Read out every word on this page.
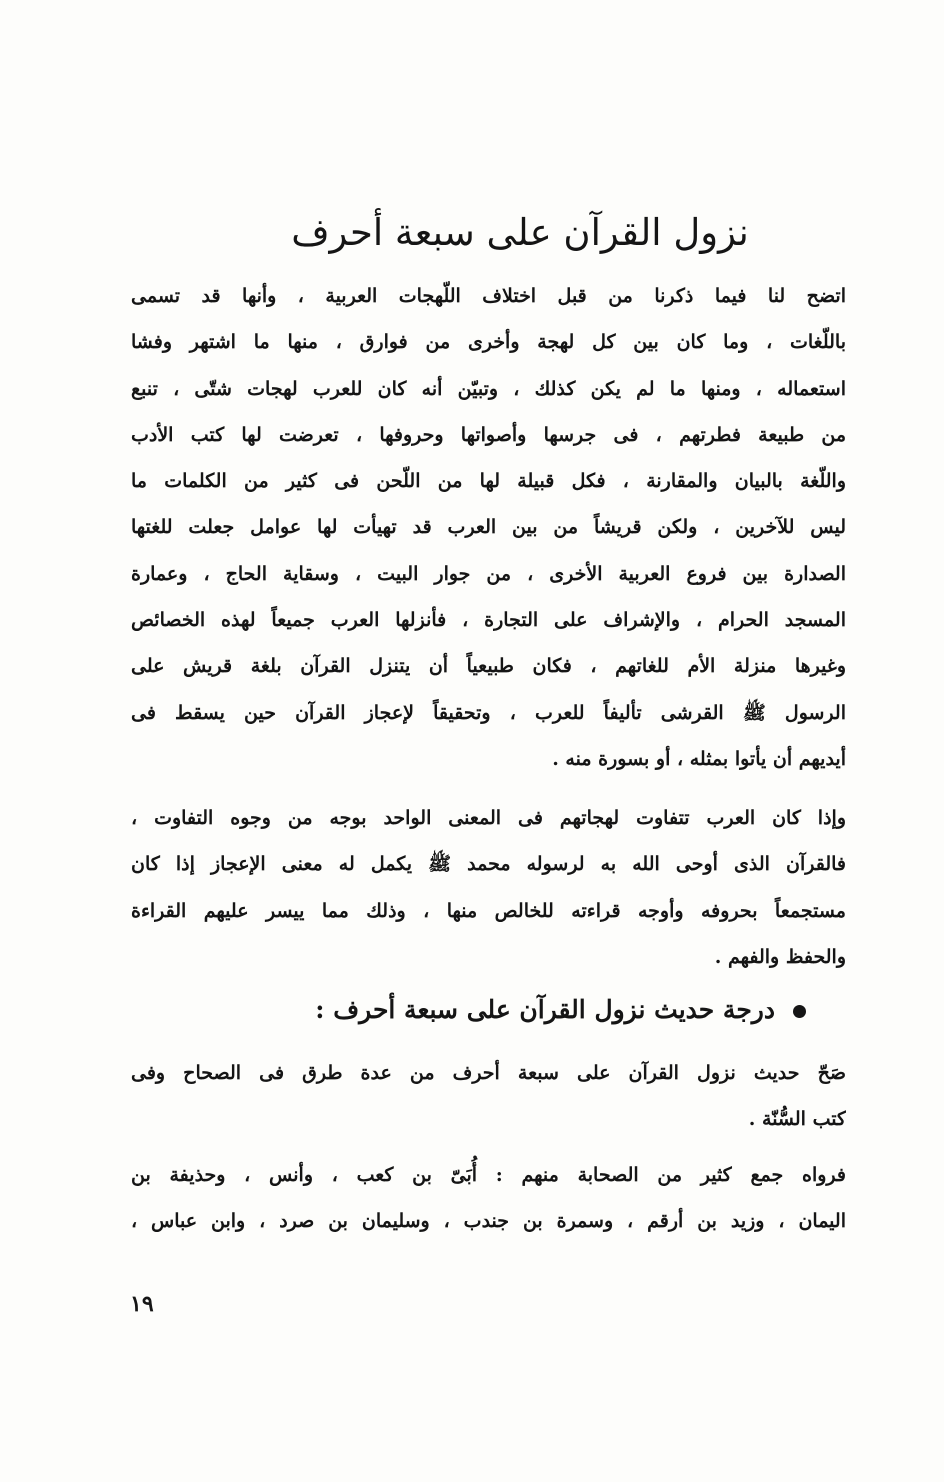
نزول القرآن على سبعة أحرف
اتضح لنا فيما ذكرنا من قبل اختلاف اللّهجات العربية ، وأنها قد تسمى
باللّغات ، وما كان بين كل لهجة وأخرى من فوارق ، منها ما اشتهر وفشا
استعماله ، ومنها ما لم يكن كذلك ، وتبيّن أنه كان للعرب لهجات شتّى ، تنبع
من طبيعة فطرتهم ، فى جرسها وأصواتها وحروفها ، تعرضت لها كتب الأدب
واللّغة بالبيان والمقارنة ، فكل قبيلة لها من اللّحن فى كثير من الكلمات ما
ليس للآخرين ، ولكن قريشاً من بين العرب قد تهيأت لها عوامل جعلت للغتها
الصدارة بين فروع العربية الأخرى ، من جوار البيت ، وسقاية الحاج ، وعمارة
المسجد الحرام ، والإشراف على التجارة ، فأنزلها العرب جميعاً لهذه الخصائص
وغيرها منزلة الأم للغاتهم ، فكان طبيعياً أن يتنزل القرآن بلغة قريش على
الرسول ﷺ القرشى تأليفاً للعرب ، وتحقيقاً لإعجاز القرآن حين يسقط فى
أيديهم أن يأتوا بمثله ، أو بسورة منه .
وإذا كان العرب تتفاوت لهجاتهم فى المعنى الواحد بوجه من وجوه التفاوت ،
فالقرآن الذى أوحى الله به لرسوله محمد ﷺ يكمل له معنى الإعجاز إذا كان
مستجمعاً بحروفه وأوجه قراءته للخالص منها ، وذلك مما ييسر عليهم القراءة
والحفظ والفهم .
درجة حديث نزول القرآن على سبعة أحرف :
صَحّ حديث نزول القرآن على سبعة أحرف من عدة طرق فى الصحاح وفى
كتب السُّنّة .
فرواه جمع كثير من الصحابة منهم : أُبَىّ بن كعب ، وأنس ، وحذيفة بن
اليمان ، وزيد بن أرقم ، وسمرة بن جندب ، وسليمان بن صرد ، وابن عباس ،
١٩
